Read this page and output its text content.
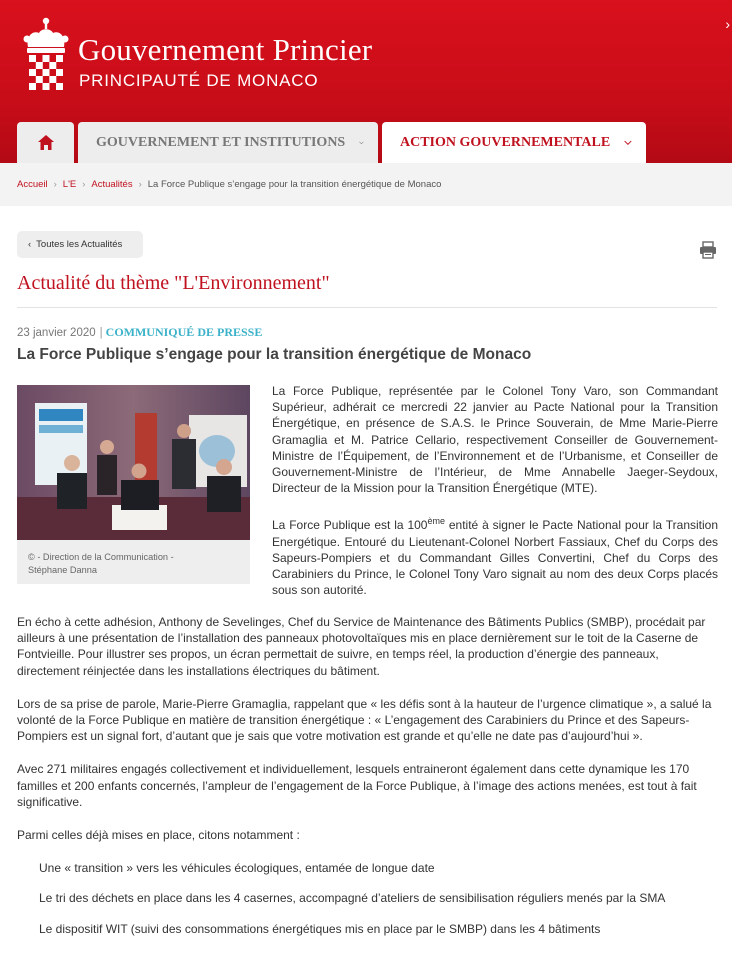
Gouvernement Princier
PRINCIPAUTÉ DE MONACO
›
GOUVERNEMENT ET INSTITUTIONS	ACTION GOUVERNEMENTALE
Accueil › L'E › Actualités › La Force Publique s’engage pour la transition énergétique de Monaco
‹ Toutes les Actualités
Actualité du thème "L'Environnement"
23 janvier 2020 | COMMUNIQUÉ DE PRESSE
La Force Publique s’engage pour la transition énergétique de Monaco
© - Direction de la Communication -
Stéphane Danna

La Force Publique, représentée par le Colonel Tony Varo, son Commandant Supérieur, adhérait ce mercredi 22 janvier au Pacte National pour la Transition Énergétique, en présence de S.A.S. le Prince Souverain, de Mme Marie-Pierre Gramaglia et M. Patrice Cellario, respectivement Conseiller de Gouvernement-Ministre de l’Équipement, de l’Environnement et de l’Urbanisme, et Conseiller de Gouvernement-Ministre de l’Intérieur, de Mme Annabelle Jaeger-Seydoux, Directeur de la Mission pour la Transition Énergétique (MTE).

La Force Publique est la 100ème entité à signer le Pacte National pour la Transition Energétique. Entouré du Lieutenant-Colonel Norbert Fassiaux, Chef du Corps des Sapeurs-Pompiers et du Commandant Gilles Convertini, Chef du Corps des Carabiniers du Prince, le Colonel Tony Varo signait au nom des deux Corps placés sous son autorité.

En écho à cette adhésion, Anthony de Sevelinges, Chef du Service de Maintenance des Bâtiments Publics (SMBP), procédait par ailleurs à une présentation de l’installation des panneaux photovoltaïques mis en place dernièrement sur le toit de la Caserne de Fontvieille. Pour illustrer ses propos, un écran permettait de suivre, en temps réel, la production d’énergie des panneaux, directement réinjectée dans les installations électriques du bâtiment.

Lors de sa prise de parole, Marie-Pierre Gramaglia, rappelant que « les défis sont à la hauteur de l’urgence climatique », a salué la volonté de la Force Publique en matière de transition énergétique : « L’engagement des Carabiniers du Prince et des Sapeurs-Pompiers est un signal fort, d’autant que je sais que votre motivation est grande et qu’elle ne date pas d’aujourd’hui ».

Avec 271 militaires engagés collectivement et individuellement, lesquels entraineront également dans cette dynamique les 170 familles et 200 enfants concernés, l’ampleur de l’engagement de la Force Publique, à l’image des actions menées, est tout à fait significative.

Parmi celles déjà mises en place, citons notamment :

Une « transition » vers les véhicules écologiques, entamée de longue date
Le tri des déchets en place dans les 4 casernes, accompagné d’ateliers de sensibilisation réguliers menés par la SMA
Le dispositif WIT (suivi des consommations énergétiques mis en place par le SMBP) dans les 4 bâtiments
